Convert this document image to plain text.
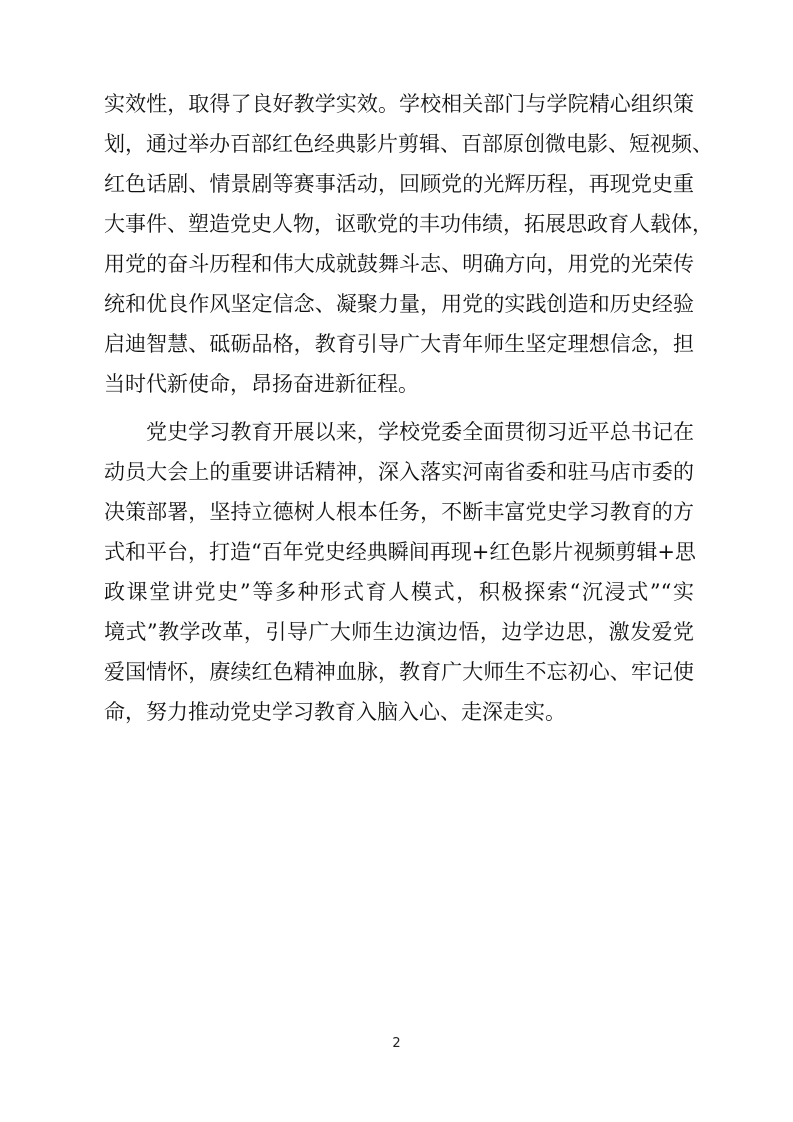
实效性，取得了良好教学实效。学校相关部门与学院精心组织策
划，通过举办百部红色经典影片剪辑、百部原创微电影、短视频、
红色话剧、情景剧等赛事活动，回顾党的光辉历程，再现党史重
大事件、塑造党史人物，讴歌党的丰功伟绩，拓展思政育人载体，
用党的奋斗历程和伟大成就鼓舞斗志、明确方向，用党的光荣传
统和优良作风坚定信念、凝聚力量，用党的实践创造和历史经验
启迪智慧、砥砺品格，教育引导广大青年师生坚定理想信念，担
当时代新使命，昂扬奋进新征程。
党史学习教育开展以来，学校党委全面贯彻习近平总书记在
动员大会上的重要讲话精神，深入落实河南省委和驻马店市委的
决策部署，坚持立德树人根本任务，不断丰富党史学习教育的方
式和平台，打造“百年党史经典瞬间再现+红色影片视频剪辑+思
政课堂讲党史”等多种形式育人模式，积极探索“沉浸式”“实
境式”教学改革，引导广大师生边演边悟，边学边思，激发爱党
爱国情怀，赓续红色精神血脉，教育广大师生不忘初心、牢记使
命，努力推动党史学习教育入脑入心、走深走实。
2
